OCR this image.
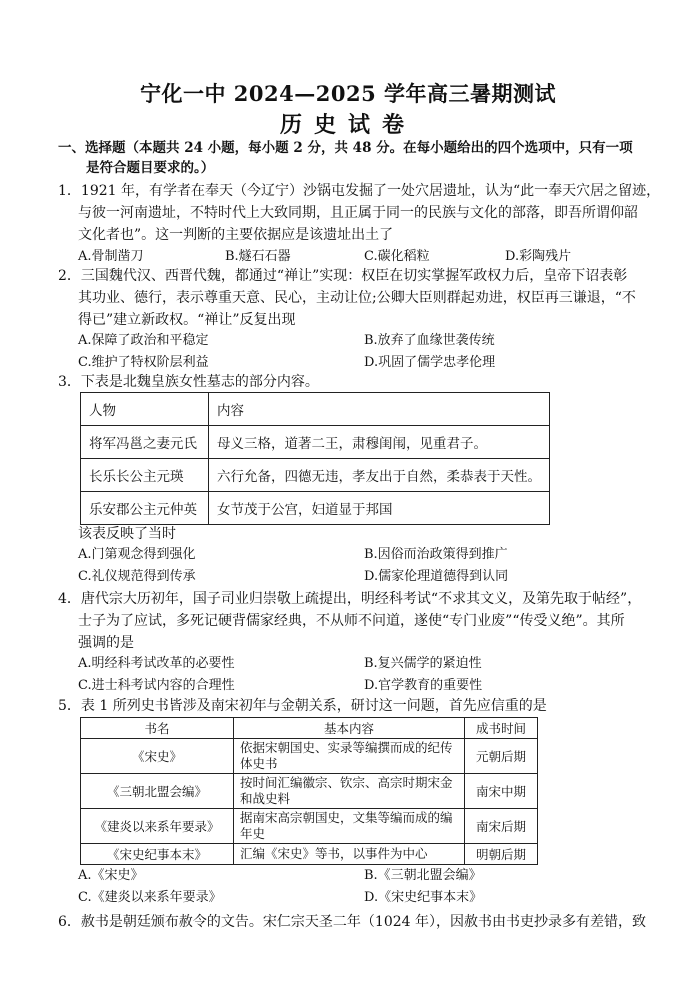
宁化一中 2024—2025 学年高三暑期测试
历史试卷
一、选择题（本题共 24 小题，每小题 2 分，共 48 分。在每小题给出的四个选项中，只有一项
是符合题目要求的。）
1．1921 年，有学者在奉天（今辽宁）沙锅屯发掘了一处穴居遗址，认为“此一奉天穴居之留迹，
与彼一河南遗址，不特时代上大致同期，且正属于同一的民族与文化的部落，即吾所谓仰韶
文化者也”。这一判断的主要依据应是该遗址出土了
A.骨制凿刀	B.燧石石器	C.碳化稻粒	D.彩陶残片
2．三国魏代汉、西晋代魏，都通过“禅让”实现：权臣在切实掌握军政权力后，皇帝下诏表彰
其功业、德行，表示尊重天意、民心，主动让位;公卿大臣则群起劝进，权臣再三谦退，“不
得已”建立新政权。“禅让”反复出现
A.保障了政治和平稳定	B.放弃了血缘世袭传统
C.维护了特权阶层利益	D.巩固了儒学忠孝伦理
3．下表是北魏皇族女性墓志的部分内容。
人物	内容
将军冯邕之妻元氏	母义三格，道著二王，肃穆闺闱，见重君子。
长乐长公主元瑛	六行允备，四德无违，孝友出于自然，柔恭表于天性。
乐安郡公主元仲英	女节茂于公宫，妇道显于邦国
该表反映了当时
A.门第观念得到强化	B.因俗而治政策得到推广
C.礼仪规范得到传承	D.儒家伦理道德得到认同
4．唐代宗大历初年，国子司业归崇敬上疏提出，明经科考试“不求其文义，及第先取于帖经”，
士子为了应试，多死记硬背儒家经典，不从师不问道，遂使“专门业废”“传受义绝”。其所
强调的是
A.明经科考试改革的必要性	B.复兴儒学的紧迫性
C.进士科考试内容的合理性	D.官学教育的重要性
5．表 1 所列史书皆涉及南宋初年与金朝关系，研讨这一问题，首先应信重的是
书名	基本内容	成书时间
《宋史》	依据宋朝国史、实录等编撰而成的纪传体史书	元朝后期
《三朝北盟会编》	按时间汇编徽宗、钦宗、高宗时期宋金和战史料	南宋中期
《建炎以来系年要录》	据南宋高宗朝国史，文集等编而成的编年史	南宋后期
《宋史纪事本末》	汇编《宋史》等书，以事件为中心	明朝后期
A.《宋史》	B.《三朝北盟会编》
C.《建炎以来系年要录》	D.《宋史纪事本末》
6．赦书是朝廷颁布赦令的文告。宋仁宗天圣二年（1024 年），因赦书由书吏抄录多有差错，致
